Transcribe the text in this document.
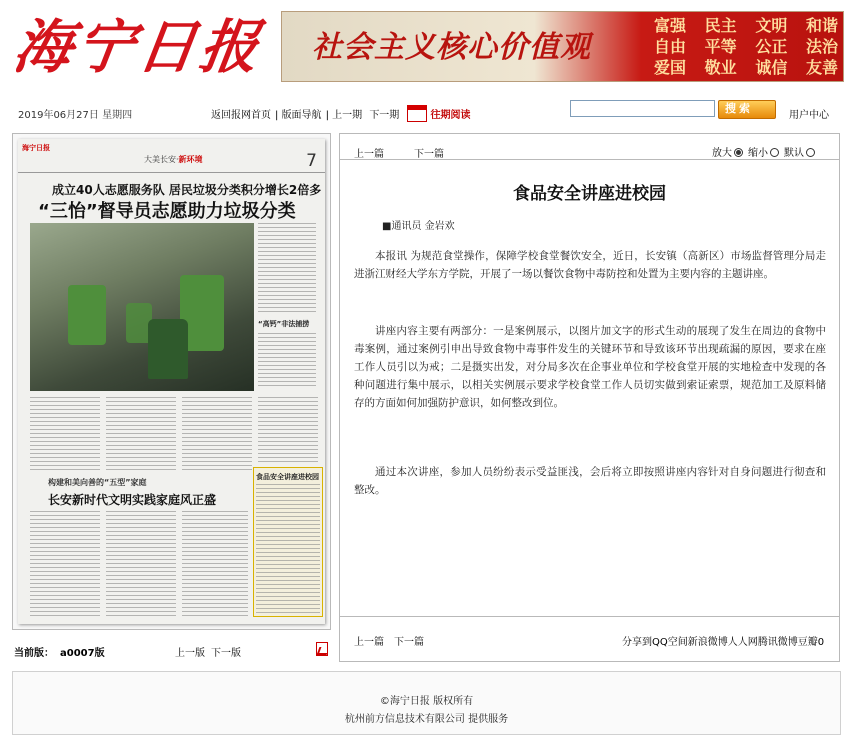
海宁日报 社会主义核心价值观
富强 民主 文明 和谐
自由 平等 公正 法治
爱国 敬业 诚信 友善
2019年06月27日 星期四	返回报网首页 | 版面导航 | 上一期 下一期	往期阅读
搜 索
用户中心
海宁日报
大美长安·新环境	7
成立40人志愿服务队 居民垃圾分类积分增长2倍多
“三怡”督导员志愿助力垃圾分类
“高钙”非法捕捞
构建和美向善的“五型”家庭
长安新时代文明实践家庭风正盛
食品安全讲座进校园
当前版： a0007版	上一版 下一版
上一篇	下一篇	放大 缩小 默认
食品安全讲座进校园
■通讯员 金岩欢

本报讯 为规范食堂操作，保障学校食堂餐饮安全，近日，长安镇（高新区）市场监督管理分局走进浙江财经大学东方学院，开展了一场以餐饮食物中毒防控和处置为主要内容的主题讲座。

讲座内容主要有两部分：一是案例展示，以图片加文字的形式生动的展现了发生在周边的食物中毒案例，通过案例引申出导致食物中毒事件发生的关键环节和导致该环节出现疏漏的原因，要求在座工作人员引以为戒；二是摄实出发，对分局多次在企事业单位和学校食堂开展的实地检查中发现的各种问题进行集中展示，以相关实例展示要求学校食堂工作人员切实做到索证索票，规范加工及原料储存的方面如何加强防护意识，如何整改到位。

通过本次讲座，参加人员纷纷表示受益匪浅，会后将立即按照讲座内容针对自身问题进行彻查和整改。

上一篇 下一篇	分享到QQ空间新浪微博人人网腾讯微博豆瓣0
©海宁日报 版权所有
杭州前方信息技术有限公司 提供服务
